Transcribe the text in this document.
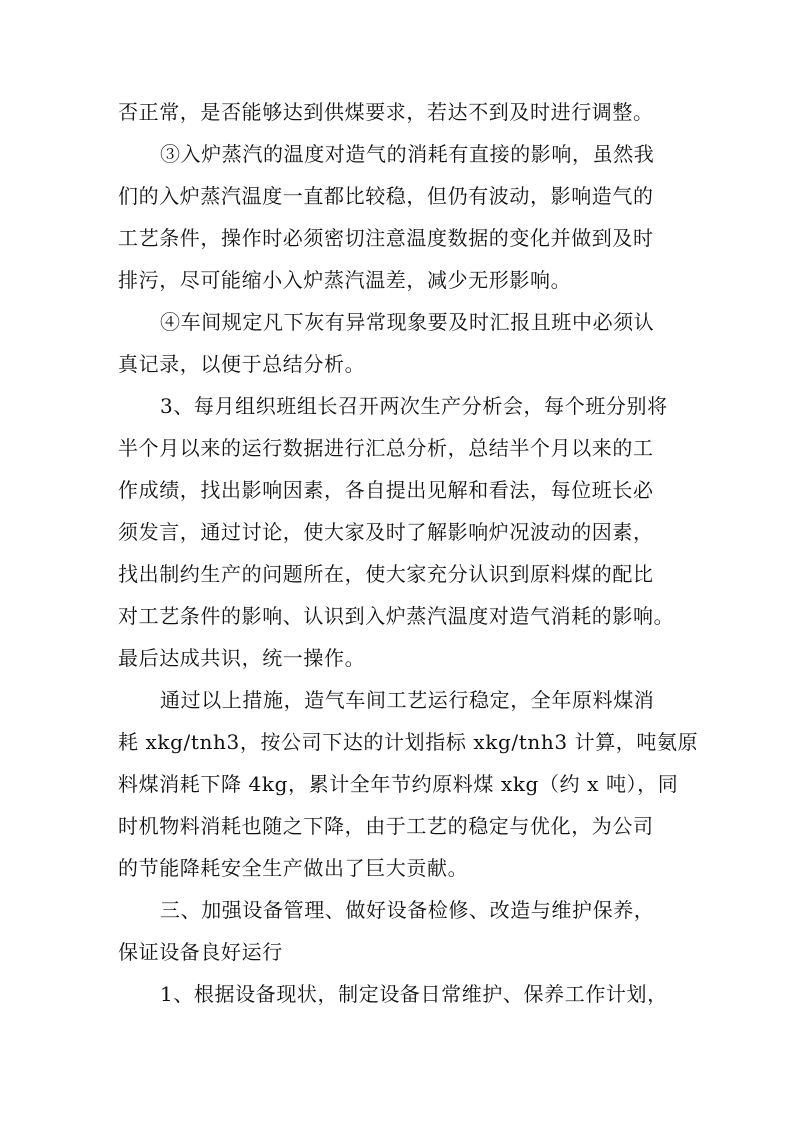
否正常，是否能够达到供煤要求，若达不到及时进行调整。
③入炉蒸汽的温度对造气的消耗有直接的影响，虽然我
们的入炉蒸汽温度一直都比较稳，但仍有波动，影响造气的
工艺条件，操作时必须密切注意温度数据的变化并做到及时
排污，尽可能缩小入炉蒸汽温差，减少无形影响。
④车间规定凡下灰有异常现象要及时汇报且班中必须认
真记录，以便于总结分析。
3、每月组织班组长召开两次生产分析会，每个班分别将
半个月以来的运行数据进行汇总分析，总结半个月以来的工
作成绩，找出影响因素，各自提出见解和看法，每位班长必
须发言，通过讨论，使大家及时了解影响炉况波动的因素，
找出制约生产的问题所在，使大家充分认识到原料煤的配比
对工艺条件的影响、认识到入炉蒸汽温度对造气消耗的影响。
最后达成共识，统一操作。
通过以上措施，造气车间工艺运行稳定，全年原料煤消
耗 xkg/tnh3，按公司下达的计划指标 xkg/tnh3 计算，吨氨原
料煤消耗下降 4kg，累计全年节约原料煤 xkg（约 x 吨），同
时机物料消耗也随之下降，由于工艺的稳定与优化，为公司
的节能降耗安全生产做出了巨大贡献。
三、加强设备管理、做好设备检修、改造与维护保养，
保证设备良好运行
1、根据设备现状，制定设备日常维护、保养工作计划，
